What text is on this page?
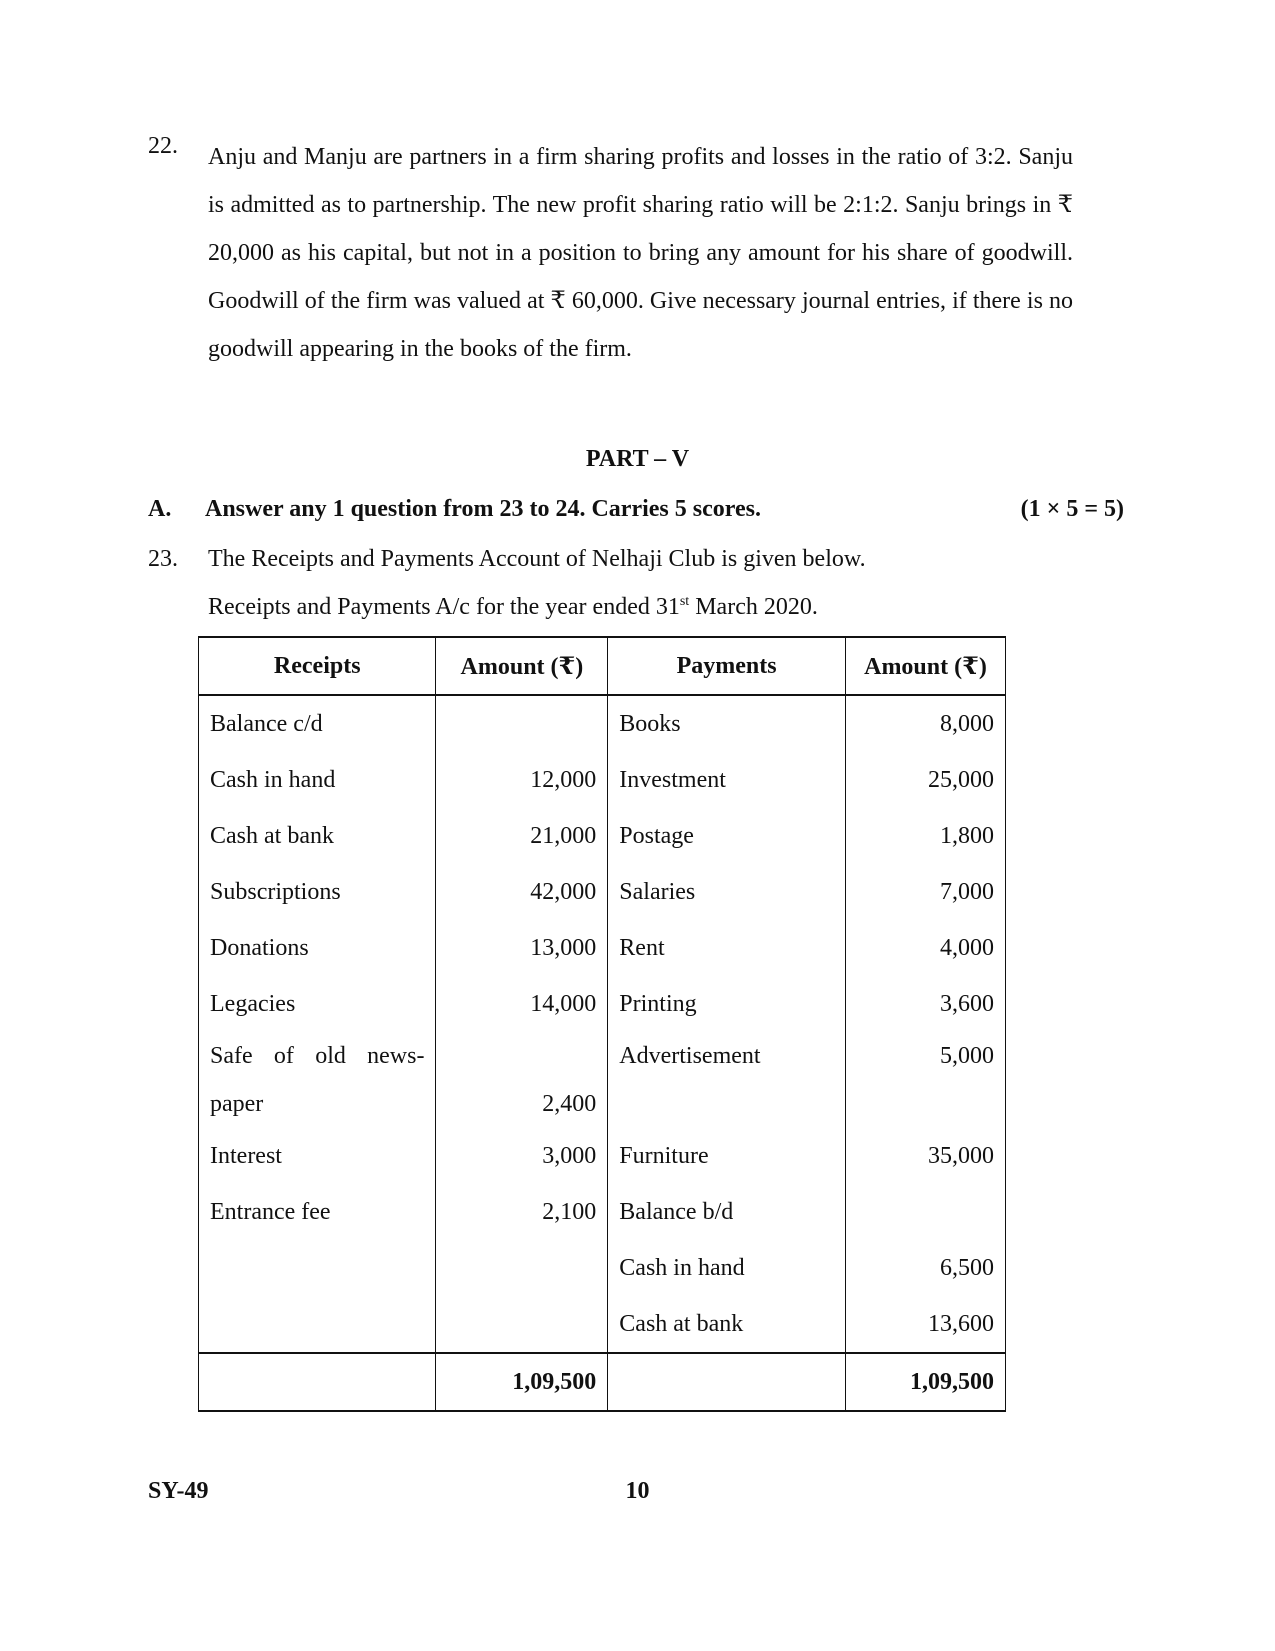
22. Anju and Manju are partners in a firm sharing profits and losses in the ratio of 3:2. Sanju is admitted as to partnership. The new profit sharing ratio will be 2:1:2. Sanju brings in ₹ 20,000 as his capital, but not in a position to bring any amount for his share of goodwill. Goodwill of the firm was valued at ₹ 60,000. Give necessary journal entries, if there is no goodwill appearing in the books of the firm.
PART – V
A. Answer any 1 question from 23 to 24. Carries 5 scores.	(1 × 5 = 5)
23. The Receipts and Payments Account of Nelhaji Club is given below.
Receipts and Payments A/c for the year ended 31st March 2020.
Receipts	Amount (₹)	Payments	Amount (₹)
Balance c/d		Books	8,000
Cash in hand	12,000	Investment	25,000
Cash at bank	21,000	Postage	1,800
Subscriptions	42,000	Salaries	7,000
Donations	13,000	Rent	4,000
Legacies	14,000	Printing	3,600
Safe of old news-		Advertisement	5,000
paper	2,400		
Interest	3,000	Furniture	35,000
Entrance fee	2,100	Balance b/d	
		Cash in hand	6,500
		Cash at bank	13,600
	1,09,500		1,09,500
10
SY-49
